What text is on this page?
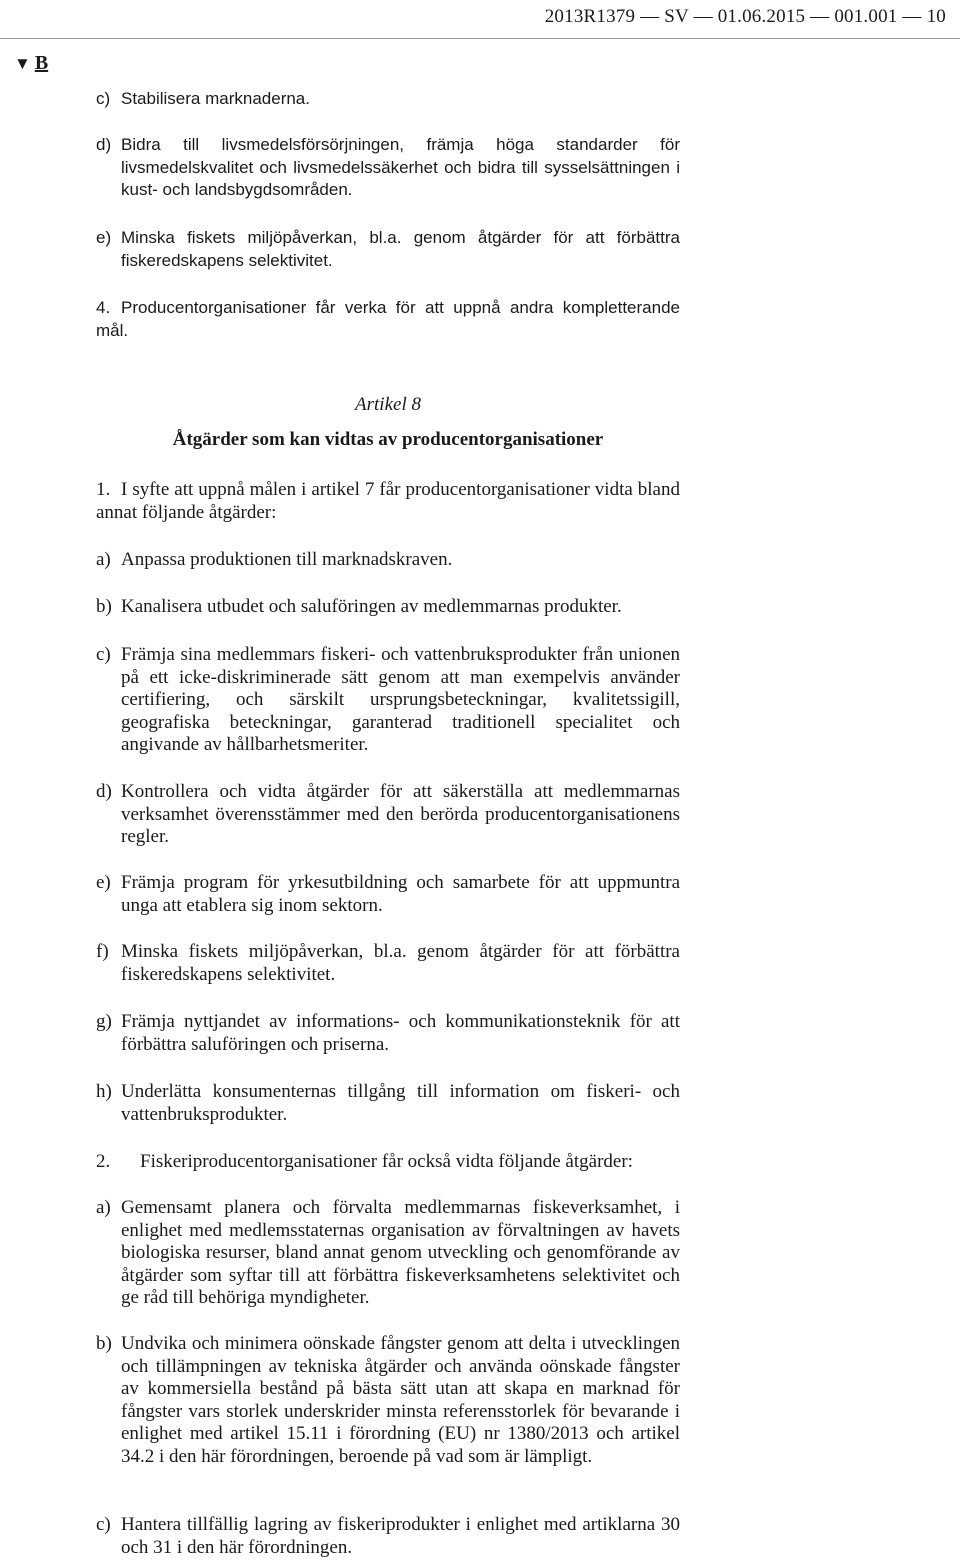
2013R1379 — SV — 01.06.2015 — 001.001 — 10
▼ B
c) Stabilisera marknaderna.
d) Bidra till livsmedelsförsörjningen, främja höga standarder för livsmedelskvalitet och livsmedelssäkerhet och bidra till sysselsättningen i kust- och landsbygdsområden.
e) Minska fiskets miljöpåverkan, bl.a. genom åtgärder för att förbättra fiskeredskapens selektivitet.
4. Producentorganisationer får verka för att uppnå andra kompletterande mål.
Artikel 8
Åtgärder som kan vidtas av producentorganisationer
1. I syfte att uppnå målen i artikel 7 får producentorganisationer vidta bland annat följande åtgärder:
a) Anpassa produktionen till marknadskraven.
b) Kanalisera utbudet och saluföringen av medlemmarnas produkter.
c) Främja sina medlemmars fiskeri- och vattenbruksprodukter från unionen på ett icke-diskriminerade sätt genom att man exempelvis använder certifiering, och särskilt ursprungsbeteckningar, kvalitetssigill, geografiska beteckningar, garanterad traditionell specialitet och angivande av hållbarhetsmeriter.
d) Kontrollera och vidta åtgärder för att säkerställa att medlemmarnas verksamhet överensstämmer med den berörda producentorganisationens regler.
e) Främja program för yrkesutbildning och samarbete för att uppmuntra unga att etablera sig inom sektorn.
f) Minska fiskets miljöpåverkan, bl.a. genom åtgärder för att förbättra fiskeredskapens selektivitet.
g) Främja nyttjandet av informations- och kommunikationsteknik för att förbättra saluföringen och priserna.
h) Underlätta konsumenternas tillgång till information om fiskeri- och vattenbruksprodukter.
2. Fiskeriproducentorganisationer får också vidta följande åtgärder:
a) Gemensamt planera och förvalta medlemmarnas fiskeverksamhet, i enlighet med medlemsstaternas organisation av förvaltningen av havets biologiska resurser, bland annat genom utveckling och genomförande av åtgärder som syftar till att förbättra fiskeverksamhetens selektivitet och ge råd till behöriga myndigheter.
b) Undvika och minimera oönskade fångster genom att delta i utvecklingen och tillämpningen av tekniska åtgärder och använda oönskade fångster av kommersiella bestånd på bästa sätt utan att skapa en marknad för fångster vars storlek underskrider minsta referensstorlek för bevarande i enlighet med artikel 15.11 i förordning (EU) nr 1380/2013 och artikel 34.2 i den här förordningen, beroende på vad som är lämpligt.
c) Hantera tillfällig lagring av fiskeriprodukter i enlighet med artiklarna 30 och 31 i den här förordningen.
